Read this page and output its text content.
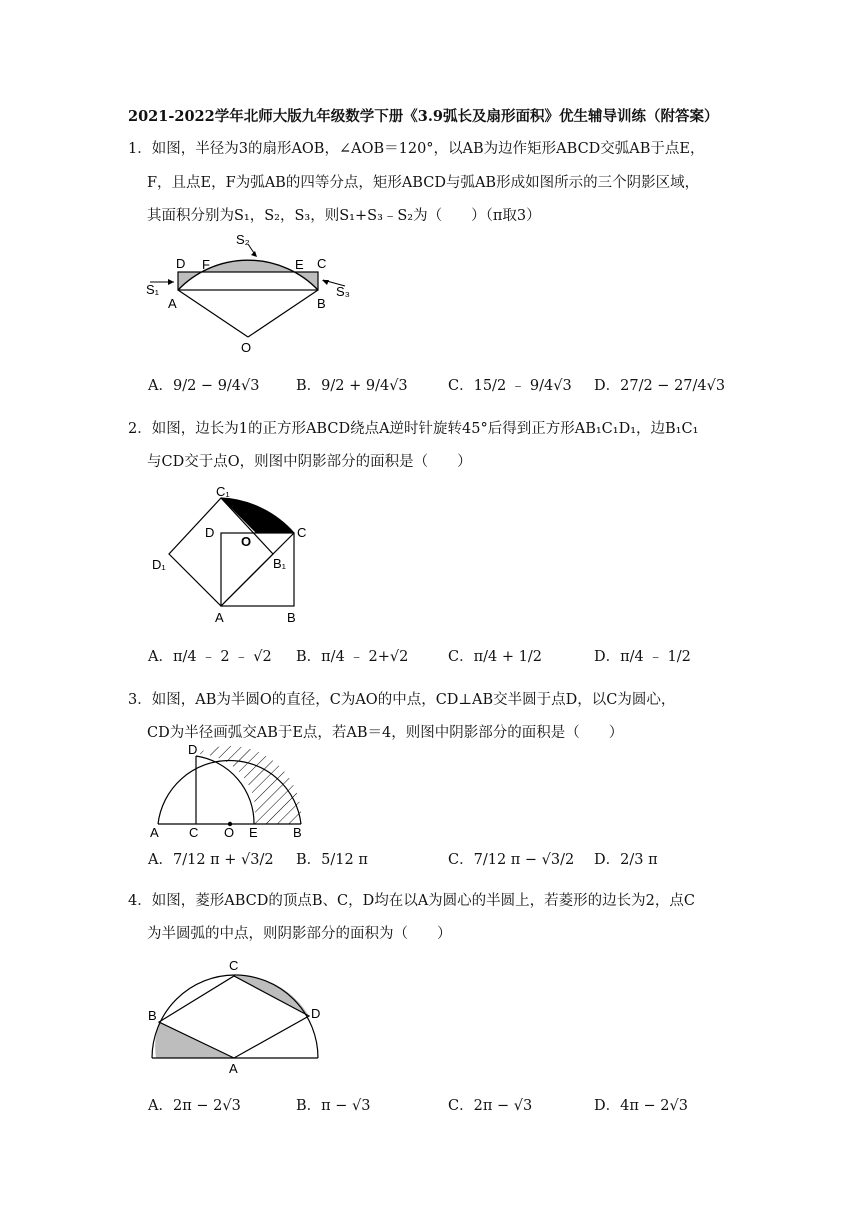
2021-2022学年北师大版九年级数学下册《3.9弧长及扇形面积》优生辅导训练（附答案）
1．如图，半径为3的扇形AOB，∠AOB＝120°，以AB为边作矩形ABCD交弧AB于点E，
F，且点E，F为弧AB的四等分点，矩形ABCD与弧AB形成如图所示的三个阴影区域，
其面积分别为S₁，S₂，S₃，则S₁+S₃﹣S₂为（　　）（π取3）
D F	E C
A	B
O
S₁
S₂
S₃
A．9/2 − 9/4√3	B．9/2 + 9/4√3	C．15/2 ﹣ 9/4√3 D．27/2 − 27/4√3
2．如图，边长为1的正方形ABCD绕点A逆时针旋转45°后得到正方形AB₁C₁D₁，边B₁C₁
与CD交于点O，则图中阴影部分的面积是（　　）
C₁
D
O
C
D₁	B₁
A	B
A．π/4 ﹣ 2 ﹣ √2 B．π/4 ﹣ 2+√2	C．π/4 + 1/2	D．π/4 ﹣ 1/2
3．如图，AB为半圆O的直径，C为AO的中点，CD⊥AB交半圆于点D，以C为圆心，
CD为半径画弧交AB于E点，若AB＝4，则图中阴影部分的面积是（　　）
D
A C O E	B
A．7/12 π + √3/2 B．5/12 π	C．7/12 π − √3/2 D．2/3 π
4．如图，菱形ABCD的顶点B、C，D均在以A为圆心的半圆上，若菱形的边长为2，点C
为半圆弧的中点，则阴影部分的面积为（　　）
C
B	D
A
A．2π − 2√3	B．π − √3	C．2π − √3	D．4π − 2√3
